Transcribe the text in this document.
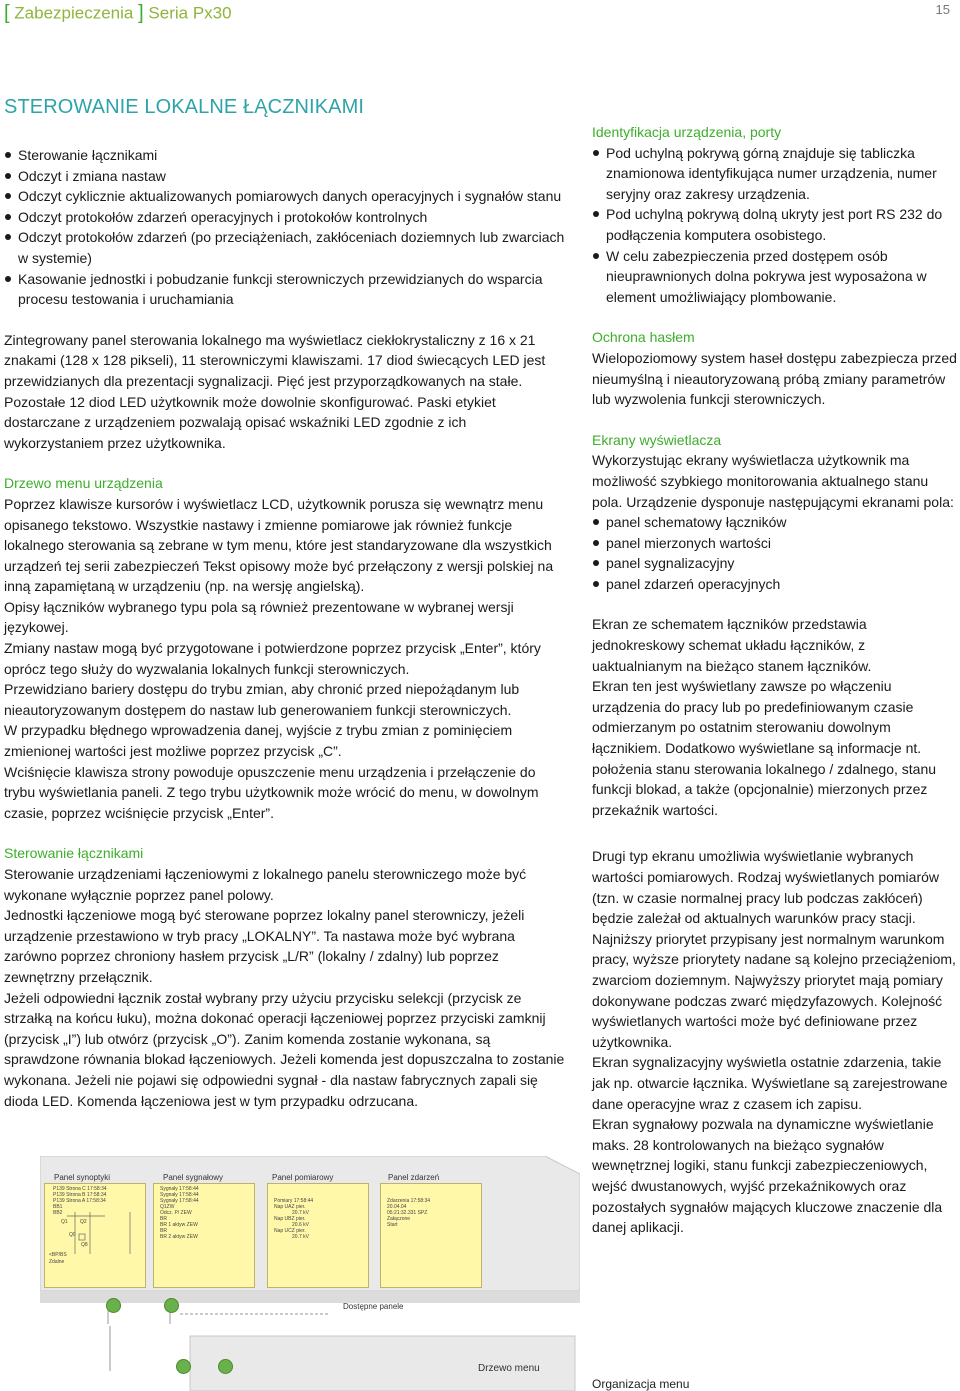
[ Zabezpieczenia ] Seria Px30	15
STEROWANIE LOKALNE ŁĄCZNIKAMI
Sterowanie łącznikami
Odczyt i zmiana nastaw
Odczyt cyklicznie aktualizowanych pomiarowych danych operacyjnych i sygnałów stanu
Odczyt protokołów zdarzeń operacyjnych i protokołów kontrolnych
Odczyt protokołów zdarzeń (po przeciążeniach, zakłóceniach doziemnych lub zwarciach w systemie)
Kasowanie jednostki i pobudzanie funkcji sterowniczych przewidzianych do wsparcia procesu testowania i uruchamiania

Zintegrowany panel sterowania lokalnego ma wyświetlacz ciekłokrystaliczny z 16 x 21 znakami (128 x 128 pikseli), 11 sterowniczymi klawiszami. 17 diod świecących LED jest przewidzianych dla prezentacji sygnalizacji. Pięć jest przyporządkowanych na stałe. Pozostałe 12 diod LED użytkownik może dowolnie skonfigurować. Paski etykiet dostarczane z urządzeniem pozwalają opisać wskaźniki LED zgodnie z ich wykorzystaniem przez użytkownika.

Drzewo menu urządzenia

Poprzez klawisze kursorów i wyświetlacz LCD, użytkownik porusza się wewnątrz menu opisanego tekstowo. Wszystkie nastawy i zmienne pomiarowe jak również funkcje lokalnego sterowania są zebrane w tym menu, które jest standaryzowane dla wszystkich urządzeń tej serii zabezpieczeń Tekst opisowy może być przełączony z wersji polskiej na inną zapamiętaną w urządzeniu (np. na wersję angielską).

Opisy łączników wybranego typu pola są również prezentowane w wybranej wersji językowej.

Zmiany nastaw mogą być przygotowane i potwierdzone poprzez przycisk „Enter”, który oprócz tego służy do wyzwalania lokalnych funkcji sterowniczych.

Przewidziano bariery dostępu do trybu zmian, aby chronić przed niepożądanym lub nieautoryzowanym dostępem do nastaw lub generowaniem funkcji sterowniczych.

W przypadku błędnego wprowadzenia danej, wyjście z trybu zmian z pominięciem zmienionej wartości jest możliwe poprzez przycisk „C”.

Wciśnięcie klawisza strony powoduje opuszczenie menu urządzenia i przełączenie do trybu wyświetlania paneli. Z tego trybu użytkownik może wrócić do menu, w dowolnym czasie, poprzez wciśnięcie przycisk „Enter”.

Sterowanie łącznikami

Sterowanie urządzeniami łączeniowymi z lokalnego panelu sterowniczego może być wykonane wyłącznie poprzez panel polowy.

Jednostki łączeniowe mogą być sterowane poprzez lokalny panel sterowniczy, jeżeli urządzenie przestawiono w tryb pracy „LOKALNY”. Ta nastawa może być wybrana zarówno poprzez chroniony hasłem przycisk „L/R” (lokalny / zdalny) lub poprzez zewnętrzny przełącznik.

Jeżeli odpowiedni łącznik został wybrany przy użyciu przycisku selekcji (przycisk ze strzałką na końcu łuku), można dokonać operacji łączeniowej poprzez przyciski zamknij (przycisk „I”) lub otwórz (przycisk „O”). Zanim komenda zostanie wykonana, są sprawdzone równania blokad łączeniowych. Jeżeli komenda jest dopuszczalna to zostanie wykonana. Jeżeli nie pojawi się odpowiedni sygnał - dla nastaw fabrycznych zapali się dioda LED. Komenda łączeniowa jest w tym przypadku odrzucana.

Identyfikacja urządzenia, porty

Pod uchylną pokrywą górną znajduje się tabliczka znamionowa identyfikująca numer urządzenia, numer seryjny oraz zakresy urządzenia.
Pod uchylną pokrywą dolną ukryty jest port RS 232 do podłączenia komputera osobistego.
W celu zabezpieczenia przed dostępem osób nieuprawnionych dolna pokrywa jest wyposażona w element umożliwiający plombowanie.

Ochrona hasłem

Wielopoziomowy system haseł dostępu zabezpiecza przed nieumyślną i nieautoryzowaną próbą zmiany parametrów lub wyzwolenia funkcji sterowniczych.

Ekrany wyświetlacza

Wykorzystując ekrany wyświetlacza użytkownik ma możliwość szybkiego monitorowania aktualnego stanu pola. Urządzenie dysponuje następującymi ekranami pola:

panel schematowy łączników
panel mierzonych wartości
panel sygnalizacyjny
panel zdarzeń operacyjnych

Ekran ze schematem łączników przedstawia jednokreskowy schemat układu łączników, z uaktualnianym na bieżąco stanem łączników.

Ekran ten jest wyświetlany zawsze po włączeniu urządzenia do pracy lub po predefiniowanym czasie odmierzanym po ostatnim sterowaniu dowolnym łącznikiem. Dodatkowo wyświetlane są informacje nt. położenia stanu sterowania lokalnego / zdalnego, stanu funkcji blokad, a także (opcjonalnie) mierzonych przez przekaźnik wartości.

Drugi typ ekranu umożliwia wyświetlanie wybranych wartości pomiarowych. Rodzaj wyświetlanych pomiarów (tzn. w czasie normalnej pracy lub podczas zakłóceń) będzie zależał od aktualnych warunków pracy stacji. Najniższy priorytet przypisany jest normalnym warunkom pracy, wyższe priorytety nadane są kolejno przeciążeniom, zwarciom doziemnym. Najwyższy priorytet mają pomiary dokonywane podczas zwarć międzyfazowych. Kolejność wyświetlanych wartości może być definiowane przez użytkownika.

Ekran sygnalizacyjny wyświetla ostatnie zdarzenia, takie jak np. otwarcie łącznika. Wyświetlane są zarejestrowane dane operacyjne wraz z czasem ich zapisu.

Ekran sygnałowy pozwala na dynamiczne wyświetlanie maks. 28 kontrolowanych na bieżąco sygnałów wewnętrznej logiki, stanu funkcji zabezpieczeniowych, wejść dwustanowych, wyjść przekaźnikowych oraz pozostałych sygnałów mających kluczowe znaczenie dla danej aplikacji.

Panel synoptyki	Panel sygnałowy	Panel pomiarowy	Panel zdarzeń
P139 Strona C 17:58:34
P139 Strona B 17:58:34
P139 Strona A 17:58:34
BB1
BB2
Q1 Q2
Q0
Q8
<BP/BS
Zdalne
Sygnały 17:58:44
Sygnały 17:58:44
Sygnały 17:58:44
Q1ZW
Odcz. P/ ZEW
BR
BR 1 aktyw ZEW
BR
BR 2 aktyw ZEW
Pomiary 17:58:44
Nap UAZ pier.
20.7 kV
Nap UBZ pier.
20.6 kV
Nap UCZ pier.
20.7 kV
Zdarzenia 17:58:34
20.04.04
05:21:32.331 SPZ
Załączone
Start
Dostępne panele
Drzewo menu
Organizacja menu
